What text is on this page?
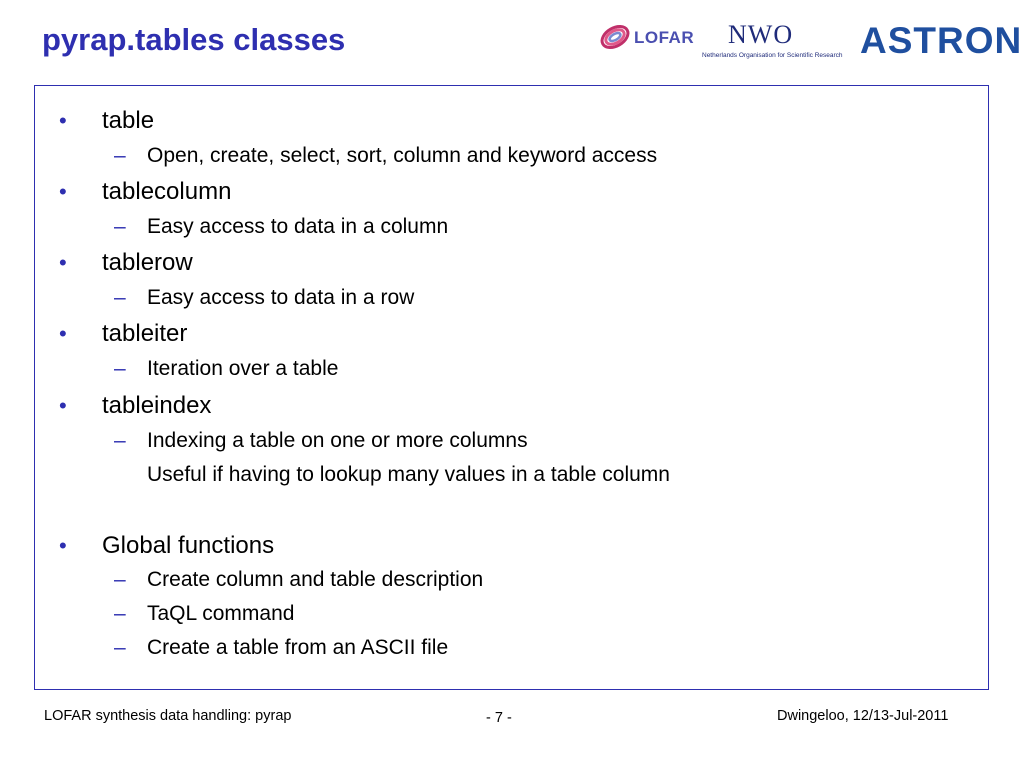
pyrap.tables classes	LOFAR NWO
Netherlands Organisation for Scientific Research ASTRON
• table
– Open, create, select, sort, column and keyword access
• tablecolumn
– Easy access to data in a column
• tablerow
– Easy access to data in a row
• tableiter
– Iteration over a table
• tableindex
– Indexing a table on one or more columns
Useful if having to lookup many values in a table column
• Global functions
– Create column and table description
– TaQL command
– Create a table from an ASCII file
LOFAR synthesis data handling: pyrap	- 7 -	Dwingeloo, 12/13-Jul-2011
